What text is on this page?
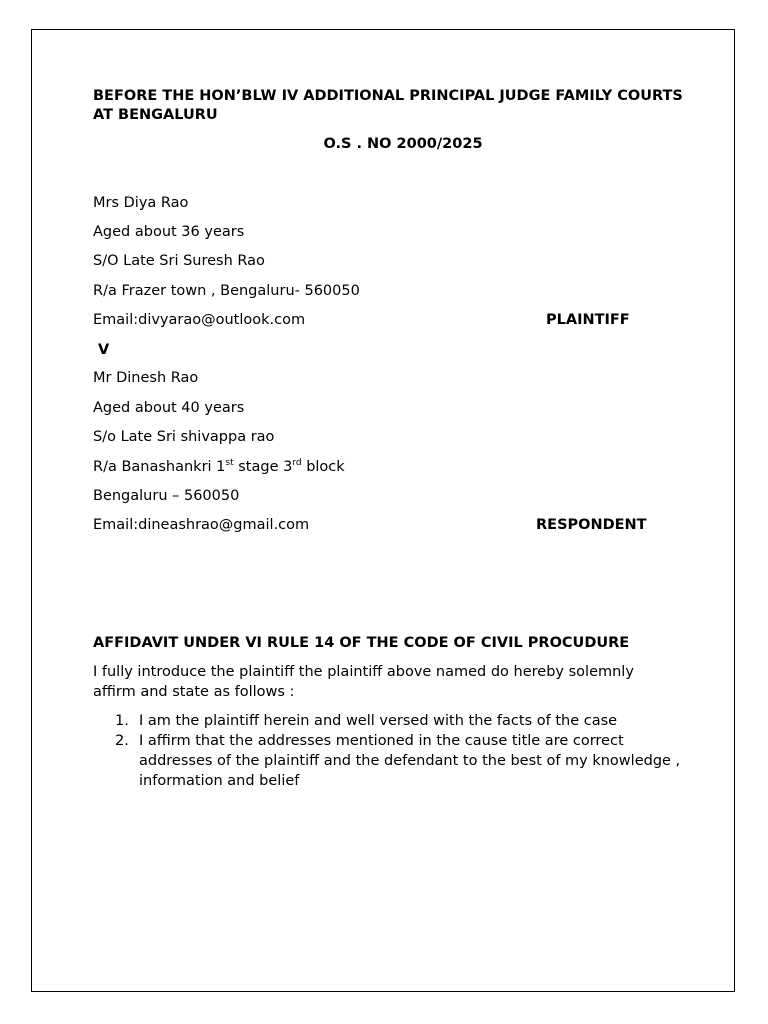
BEFORE THE HON’BLW IV ADDITIONAL PRINCIPAL JUDGE FAMILY COURTS AT BENGALURU
O.S . NO 2000/2025
Mrs Diya Rao
Aged about 36 years
S/O Late Sri Suresh Rao
R/a Frazer town , Bengaluru- 560050
Email:divyarao@outlook.com	PLAINTIFF
V
Mr Dinesh Rao
Aged about 40 years
S/o Late Sri shivappa rao
R/a Banashankri 1st stage 3rd block
Bengaluru – 560050
Email:dineashrao@gmail.com	RESPONDENT
AFFIDAVIT UNDER VI RULE 14 OF THE CODE OF CIVIL PROCUDURE
I fully introduce the plaintiff the plaintiff above named do hereby solemnly affirm and state as follows :
1. I am the plaintiff herein and well versed with the facts of the case
2. I affirm that the addresses mentioned in the cause title are correct addresses of the plaintiff and the defendant to the best of my knowledge , information and belief
